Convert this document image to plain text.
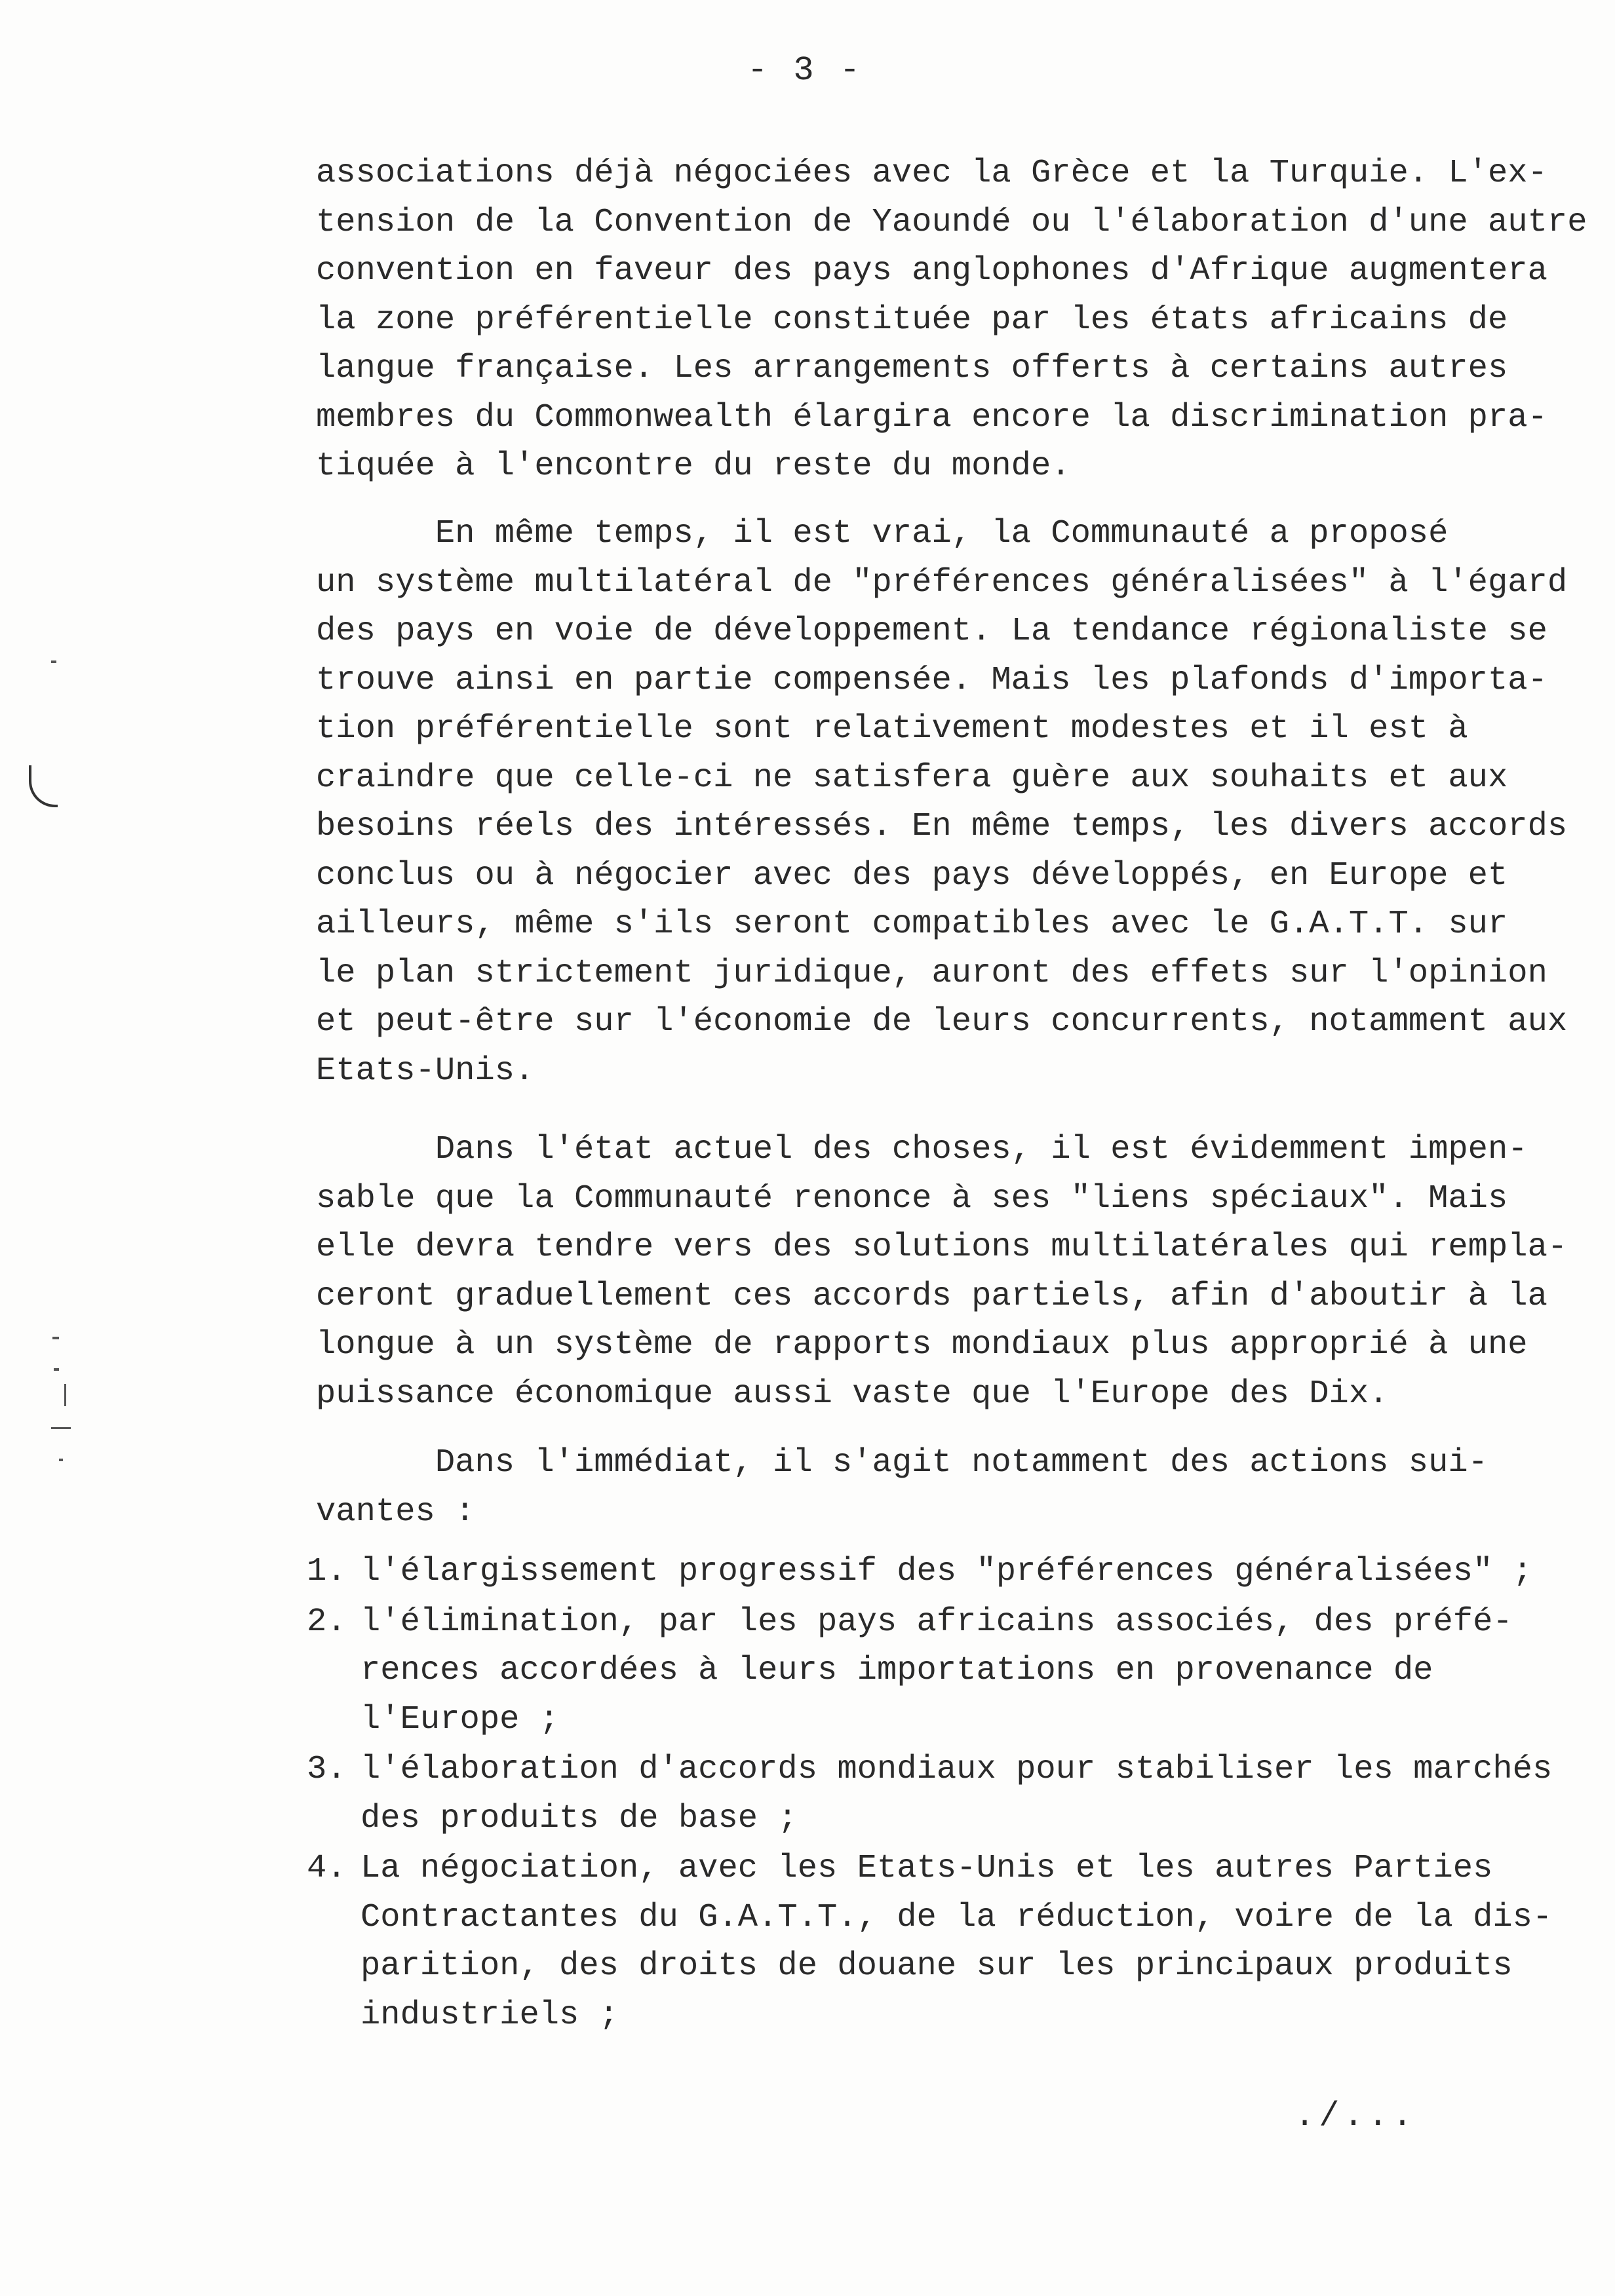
- 3 -
associations déjà négociées avec la Grèce et la Turquie. L'ex-
tension de la Convention de Yaoundé ou l'élaboration d'une autre
convention en faveur des pays anglophones d'Afrique augmentera
la zone préférentielle constituée par les états africains de
langue française. Les arrangements offerts à certains autres
membres du Commonwealth élargira encore la discrimination pra-
tiquée à l'encontre du reste du monde.
En même temps, il est vrai, la Communauté a proposé
un système multilatéral de "préférences généralisées" à l'égard
des pays en voie de développement. La tendance régionaliste se
trouve ainsi en partie compensée. Mais les plafonds d'importa-
tion préférentielle sont relativement modestes et il est à
craindre que celle-ci ne satisfera guère aux souhaits et aux
besoins réels des intéressés. En même temps, les divers accords
conclus ou à négocier avec des pays développés, en Europe et
ailleurs, même s'ils seront compatibles avec le G.A.T.T. sur
le plan strictement juridique, auront des effets sur l'opinion
et peut-être sur l'économie de leurs concurrents, notamment aux
Etats-Unis.
Dans l'état actuel des choses, il est évidemment impen-
sable que la Communauté renonce à ses "liens spéciaux". Mais
elle devra tendre vers des solutions multilatérales qui rempla-
ceront graduellement ces accords partiels, afin d'aboutir à la
longue à un système de rapports mondiaux plus approprié à une
puissance économique aussi vaste que l'Europe des Dix.
Dans l'immédiat, il s'agit notamment des actions sui-
vantes :
1. l'élargissement progressif des "préférences généralisées" ;
2. l'élimination, par les pays africains associés, des préfé-
rences accordées à leurs importations en provenance de
l'Europe ;
3. l'élaboration d'accords mondiaux pour stabiliser les marchés
des produits de base ;
4. La négociation, avec les Etats-Unis et les autres Parties
Contractantes du G.A.T.T., de la réduction, voire de la dis-
parition, des droits de douane sur les principaux produits
industriels ;
./...
